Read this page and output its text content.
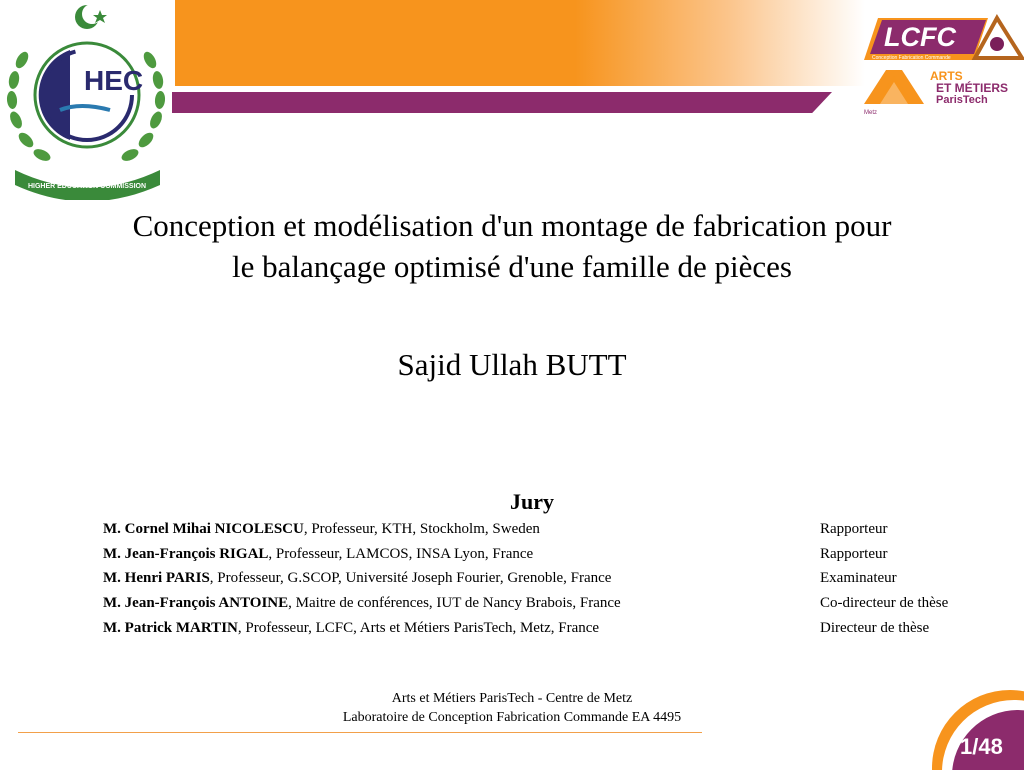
HEC
HIGHER EDUCATION COMMISSION
LCFC
Conception Fabrication Commande
Metz
ARTS
ET MÉTIERS
ParisTech
Conception et modélisation d'un montage de fabrication pour
le balançage optimisé d'une famille de pièces
Sajid Ullah BUTT
Jury
M. Cornel Mihai NICOLESCU, Professeur, KTH, Stockholm, Sweden	Rapporteur
M. Jean-François RIGAL, Professeur, LAMCOS, INSA Lyon, France	Rapporteur
M. Henri PARIS, Professeur, G.SCOP, Université Joseph Fourier, Grenoble, France	Examinateur
M. Jean-François ANTOINE, Maitre de conférences, IUT de Nancy Brabois, France	Co-directeur de thèse
M. Patrick MARTIN, Professeur, LCFC, Arts et Métiers ParisTech, Metz, France	Directeur de thèse
Arts et Métiers ParisTech - Centre de Metz
Laboratoire de Conception Fabrication Commande EA 4495
1/48
